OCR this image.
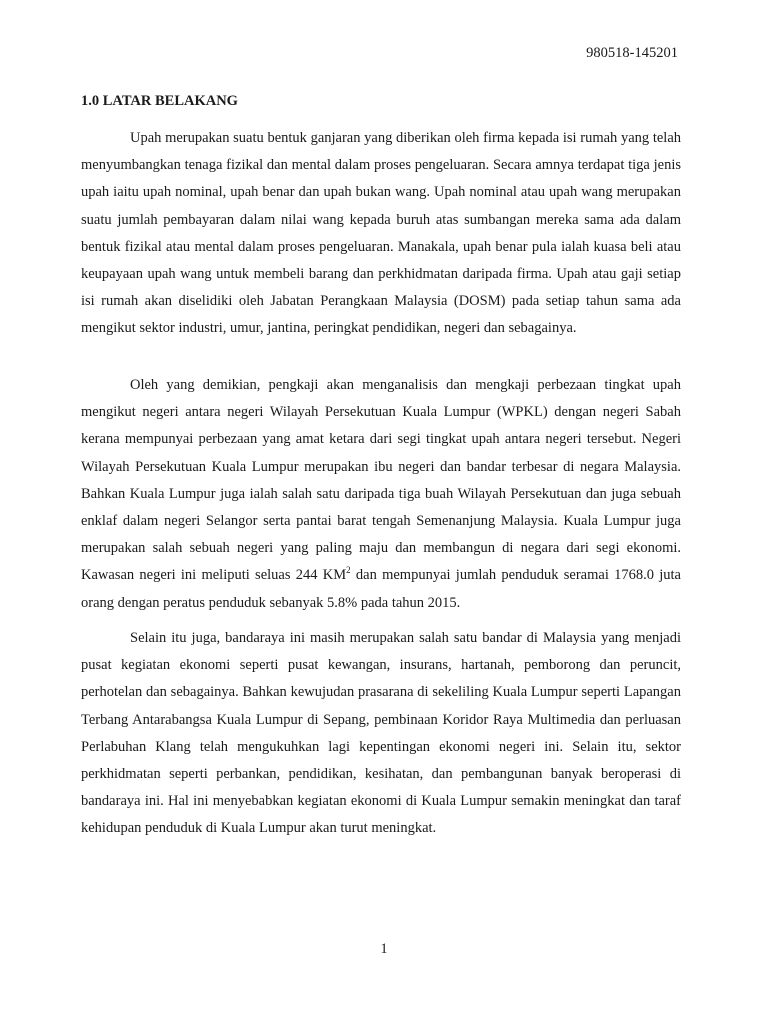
980518-145201
1.0 LATAR BELAKANG

Upah merupakan suatu bentuk ganjaran yang diberikan oleh firma kepada isi rumah yang telah menyumbangkan tenaga fizikal dan mental dalam proses pengeluaran. Secara amnya terdapat tiga jenis upah iaitu upah nominal, upah benar dan upah bukan wang. Upah nominal atau upah wang merupakan suatu jumlah pembayaran dalam nilai wang kepada buruh atas sumbangan mereka sama ada dalam bentuk fizikal atau mental dalam proses pengeluaran. Manakala, upah benar pula ialah kuasa beli atau keupayaan upah wang untuk membeli barang dan perkhidmatan daripada firma. Upah atau gaji setiap isi rumah akan diselidiki oleh Jabatan Perangkaan Malaysia (DOSM) pada setiap tahun sama ada mengikut sektor industri, umur, jantina, peringkat pendidikan, negeri dan sebagainya.

Oleh yang demikian, pengkaji akan menganalisis dan mengkaji perbezaan tingkat upah mengikut negeri antara negeri Wilayah Persekutuan Kuala Lumpur (WPKL) dengan negeri Sabah kerana mempunyai perbezaan yang amat ketara dari segi tingkat upah antara negeri tersebut. Negeri Wilayah Persekutuan Kuala Lumpur merupakan ibu negeri dan bandar terbesar di negara Malaysia. Bahkan Kuala Lumpur juga ialah salah satu daripada tiga buah Wilayah Persekutuan dan juga sebuah enklaf dalam negeri Selangor serta pantai barat tengah Semenanjung Malaysia. Kuala Lumpur juga merupakan salah sebuah negeri yang paling maju dan membangun di negara dari segi ekonomi. Kawasan negeri ini meliputi seluas 244 $KM^2$ dan mempunyai jumlah penduduk seramai 1768.0 juta orang dengan peratus penduduk sebanyak 5.8% pada tahun 2015.

Selain itu juga, bandaraya ini masih merupakan salah satu bandar di Malaysia yang menjadi pusat kegiatan ekonomi seperti pusat kewangan, insurans, hartanah, pemborong dan peruncit, perhotelan dan sebagainya. Bahkan kewujudan prasarana di sekeliling Kuala Lumpur seperti Lapangan Terbang Antarabangsa Kuala Lumpur di Sepang, pembinaan Koridor Raya Multimedia dan perluasan Perlabuhan Klang telah mengukuhkan lagi kepentingan ekonomi negeri ini. Selain itu, sektor perkhidmatan seperti perbankan, pendidikan, kesihatan, dan pembangunan banyak beroperasi di bandaraya ini. Hal ini menyebabkan kegiatan ekonomi di Kuala Lumpur semakin meningkat dan taraf kehidupan penduduk di Kuala Lumpur akan turut meningkat.

1
